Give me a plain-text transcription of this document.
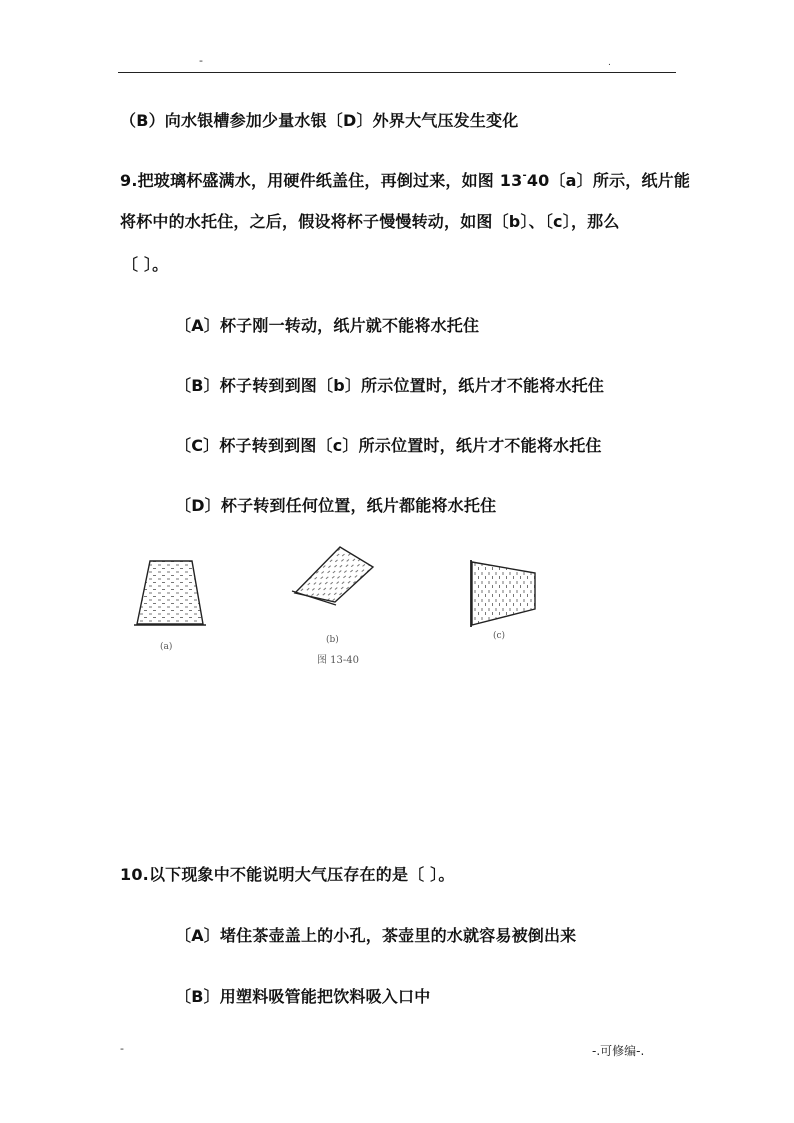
-	.
（B）向水银槽参加少量水银〔D〕外界大气压发生变化
9.把玻璃杯盛满水，用硬件纸盖住，再倒过来，如图 13-40〔a〕所示，纸片能
将杯中的水托住，之后，假设将杯子慢慢转动，如图〔b〕、〔c〕，那么
〔 〕。
〔A〕杯子刚一转动，纸片就不能将水托住
〔B〕杯子转到到图〔b〕所示位置时，纸片才不能将水托住
〔C〕杯子转到到图〔c〕所示位置时，纸片才不能将水托住
〔D〕杯子转到任何位置，纸片都能将水托住
(a)
(b)	(c)
图 13-40
10.以下现象中不能说明大气压存在的是〔 〕。
〔A〕堵住茶壶盖上的小孔，茶壶里的水就容易被倒出来
〔B〕用塑料吸管能把饮料吸入口中
-	-.可修编-.
